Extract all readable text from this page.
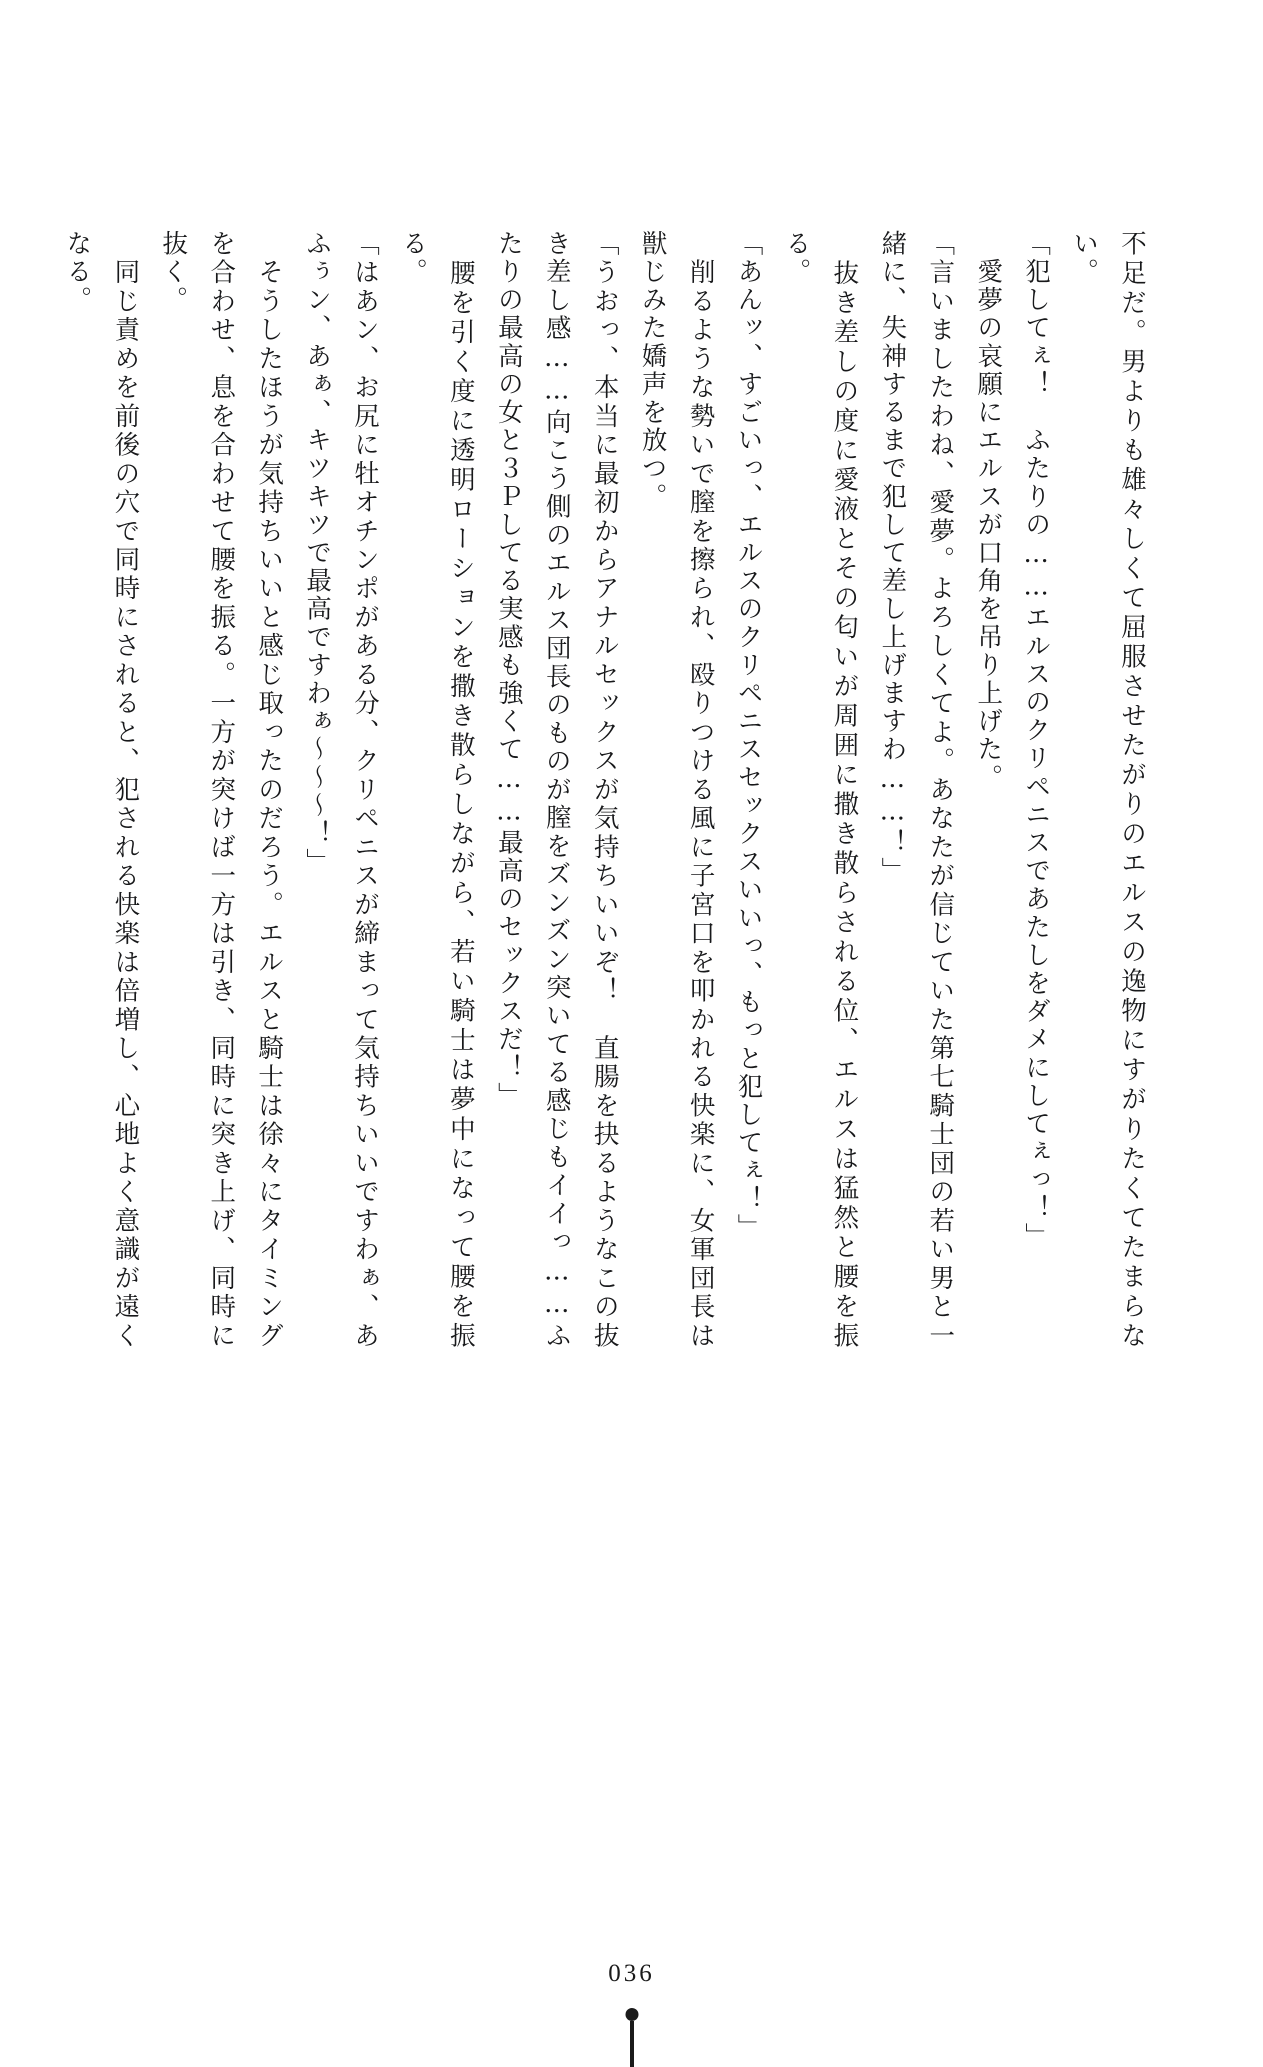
不足だ。男よりも雄々しくて屈服させたがりのエルスの逸物にすがりたくてたまらない。

「犯してぇ！　ふたりの……エルスのクリペニスであたしをダメにしてぇっ！」

　愛夢の哀願にエルスが口角を吊り上げた。

「言いましたわね、愛夢。よろしくてよ。あなたが信じていた第七騎士団の若い男と一緒に、失神するまで犯して差し上げますわ……！」

　抜き差しの度に愛液とその匂いが周囲に撒き散らされる位、エルスは猛然と腰を振る。

「あんッ、すごいっ、エルスのクリペニスセックスいいっ、もっと犯してぇ！」

　削るような勢いで膣を擦られ、殴りつける風に子宮口を叩かれる快楽に、女軍団長は獣じみた嬌声を放つ。

「うおっ、本当に最初からアナルセックスが気持ちいいぞ！　直腸を抉るようなこの抜き差し感……向こう側のエルス団長のものが膣をズンズン突いてる感じもイイっ……ふたりの最高の女と３Ｐしてる実感も強くて……最高のセックスだ！」

　腰を引く度に透明ローションを撒き散らしながら、若い騎士は夢中になって腰を振る。

「はあン、お尻に牡オチンポがある分、クリペニスが締まって気持ちいいですわぁ、あふぅン、あぁ、キツキツで最高ですわぁ～～～！」

　そうしたほうが気持ちいいと感じ取ったのだろう。エルスと騎士は徐々にタイミングを合わせ、息を合わせて腰を振る。一方が突けば一方は引き、同時に突き上げ、同時に抜く。

　同じ責めを前後の穴で同時にされると、犯される快楽は倍増し、心地よく意識が遠くなる。

036
